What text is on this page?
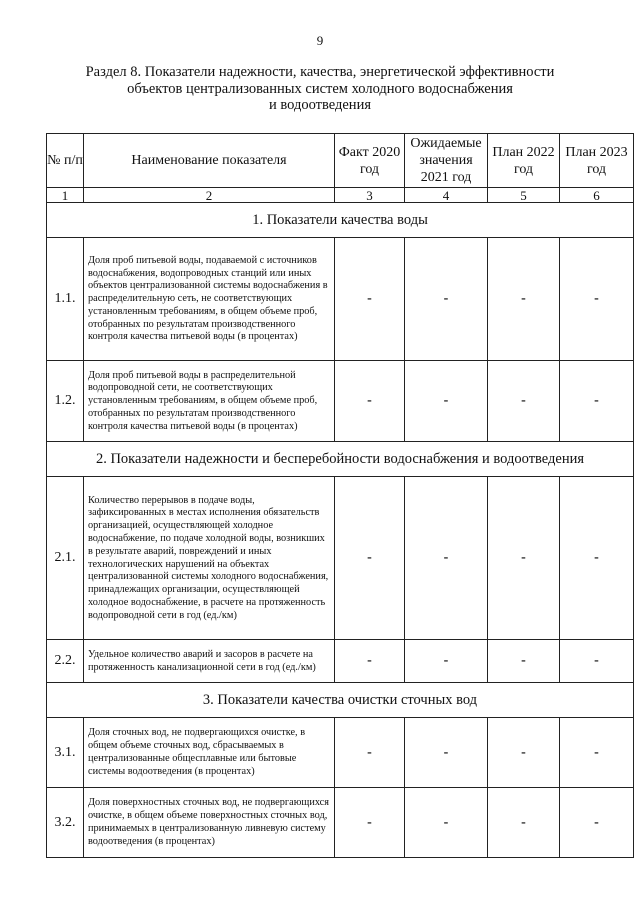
9
Раздел 8. Показатели надежности, качества, энергетической эффективности
объектов централизованных систем холодного водоснабжения
и водоотведения
№ п/п	Наименование показателя	Факт 2020 год	Ожидаемые значения 2021 год	План 2022 год	План 2023 год
1	2	3	4	5	6
1. Показатели качества воды					
1.1.	Доля проб питьевой воды, подаваемой с источников водоснабжения, водопроводных станций или иных объектов централизованной системы водоснабжения в распределительную сеть, не соответствующих установленным требованиям, в общем объеме проб, отобранных по результатам производственного контроля качества питьевой воды (в процентах)	-	-	-	-
1.2.	Доля проб питьевой воды в распределительной водопроводной сети, не соответствующих установленным требованиям, в общем объеме проб, отобранных по результатам производственного контроля качества питьевой воды (в процентах)	-	-	-	-
2. Показатели надежности и бесперебойности водоснабжения и водоотведения					
2.1.	Количество перерывов в подаче воды, зафиксированных в местах исполнения обязательств организацией, осуществляющей холодное водоснабжение, по подаче холодной воды, возникших в результате аварий, повреждений и иных технологических нарушений на объектах централизованной системы холодного водоснабжения, принадлежащих организации, осуществляющей холодное водоснабжение, в расчете на протяженность водопроводной сети в год (ед./км)	-	-	-	-
2.2.	Удельное количество аварий и засоров в расчете на протяженность канализационной сети в год (ед./км)	-	-	-	-
3. Показатели качества очистки сточных вод					
3.1.	Доля сточных вод, не подвергающихся очистке, в общем объеме сточных вод, сбрасываемых в централизованные общесплавные или бытовые системы водоотведения (в процентах)	-	-	-	-
3.2.	Доля поверхностных сточных вод, не подвергающихся очистке, в общем объеме поверхностных сточных вод, принимаемых в централизованную ливневую систему водоотведения (в процентах)	-	-	-	-
